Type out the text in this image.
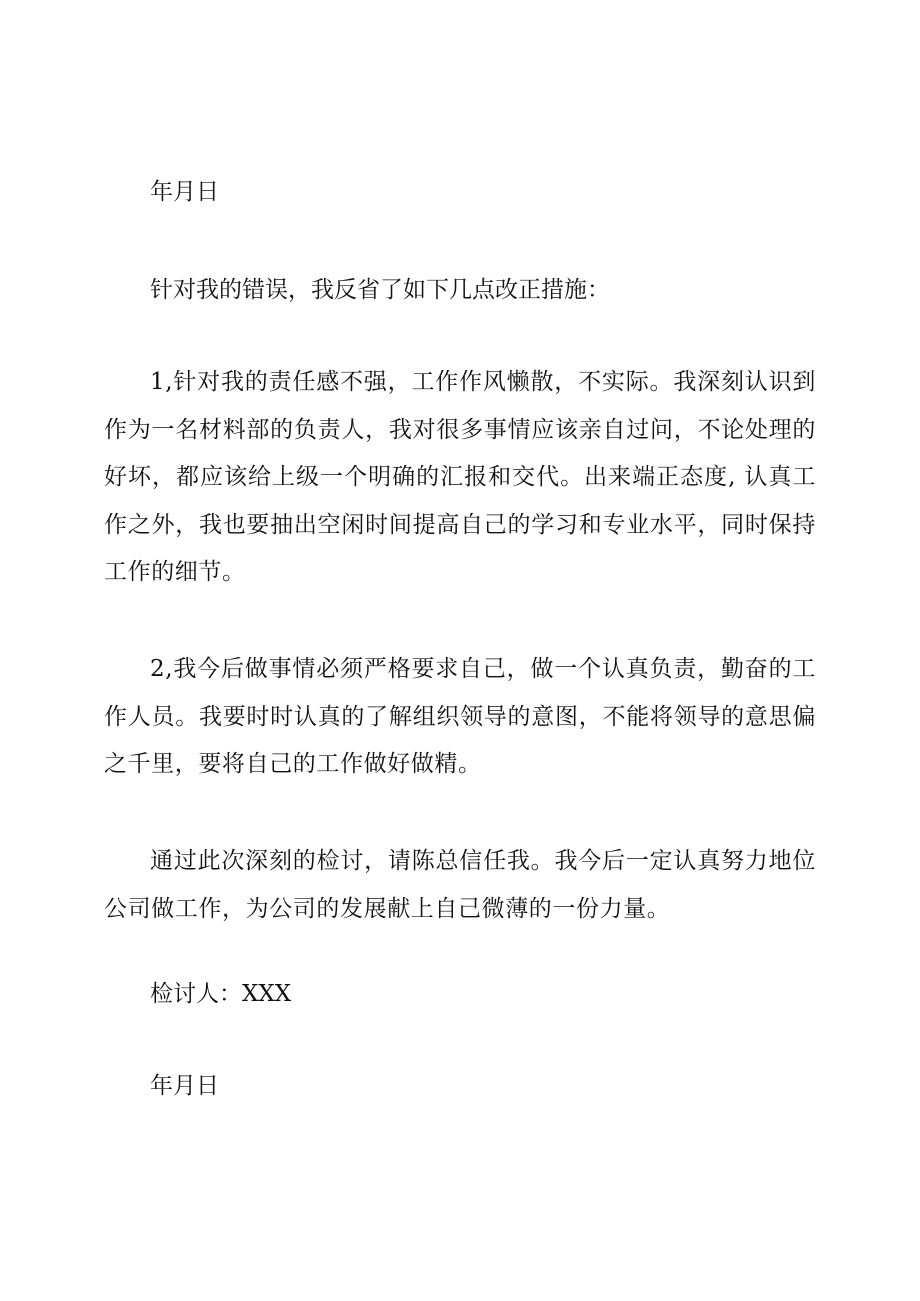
年月日

针对我的错误，我反省了如下几点改正措施：

1,针对我的责任感不强，工作作风懒散，不实际。我深刻认识到作为一名材料部的负责人，我对很多事情应该亲自过问，不论处理的好坏，都应该给上级一个明确的汇报和交代。出来端正态度, 认真工作之外，我也要抽出空闲时间提高自己的学习和专业水平，同时保持工作的细节。

2,我今后做事情必须严格要求自己，做一个认真负责，勤奋的工作人员。我要时时认真的了解组织领导的意图，不能将领导的意思偏之千里，要将自己的工作做好做精。

通过此次深刻的检讨，请陈总信任我。我今后一定认真努力地位公司做工作，为公司的发展献上自己微薄的一份力量。

检讨人：XXX

年月日
